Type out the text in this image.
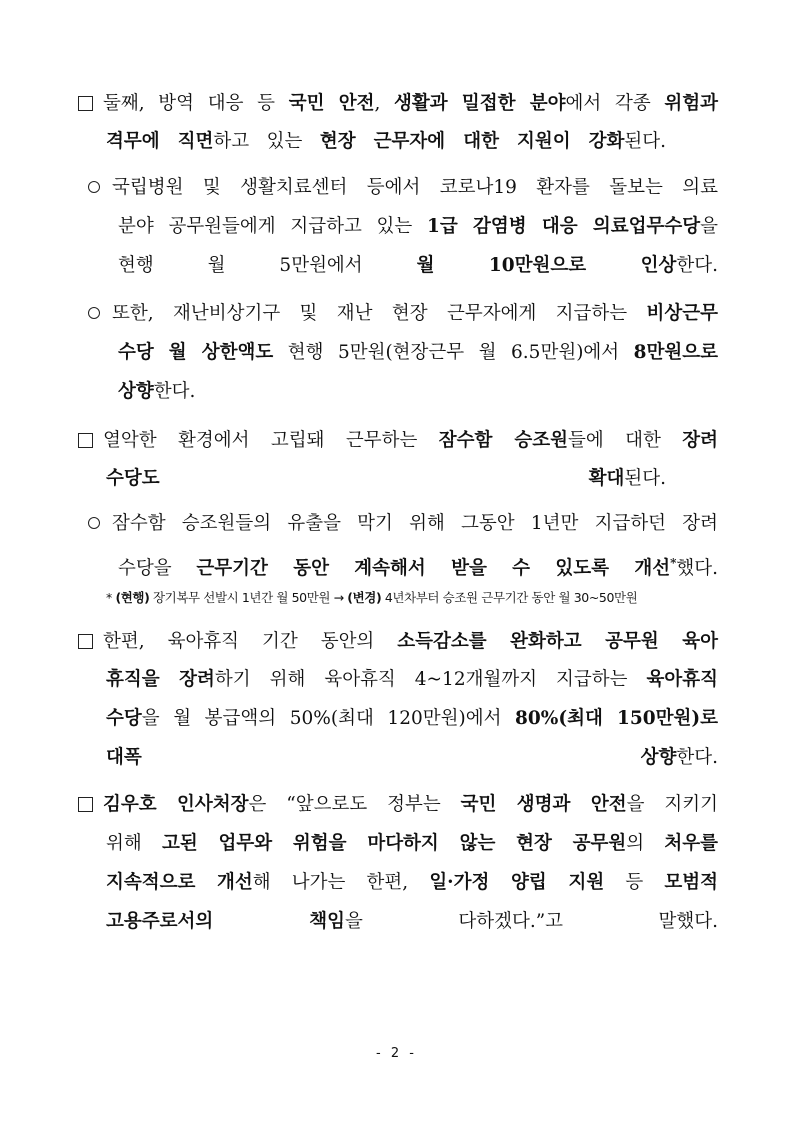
둘째, 방역 대응 등 국민 안전, 생활과 밀접한 분야에서 각종 위험과
격무에 직면하고 있는 현장 근무자에 대한 지원이 강화된다.
국립병원 및 생활치료센터 등에서 코로나19 환자를 돌보는 의료
분야 공무원들에게 지급하고 있는 1급 감염병 대응 의료업무수당을
현행 월 5만원에서 월 10만원으로 인상한다.
또한, 재난비상기구 및 재난 현장 근무자에게 지급하는 비상근무
수당 월 상한액도 현행 5만원(현장근무 월 6.5만원)에서 8만원으로
상향한다.
열악한 환경에서 고립돼 근무하는 잠수함 승조원들에 대한 장려
수당도 확대된다.
잠수함 승조원들의 유출을 막기 위해 그동안 1년만 지급하던 장려
수당을 근무기간 동안 계속해서 받을 수 있도록 개선*했다.
* (현행) 장기복무 선발시 1년간 월 50만원 → (변경) 4년차부터 승조원 근무기간 동안 월 30~50만원
한편, 육아휴직 기간 동안의 소득감소를 완화하고 공무원 육아
휴직을 장려하기 위해 육아휴직 4~12개월까지 지급하는 육아휴직
수당을 월 봉급액의 50%(최대 120만원)에서 80%(최대 150만원)로
대폭 상향한다.
김우호 인사처장은 “앞으로도 정부는 국민 생명과 안전을 지키기
위해 고된 업무와 위험을 마다하지 않는 현장 공무원의 처우를
지속적으로 개선해 나가는 한편, 일·가정 양립 지원 등 모범적
고용주로서의 책임을 다하겠다.”고 말했다.
- 2 -
